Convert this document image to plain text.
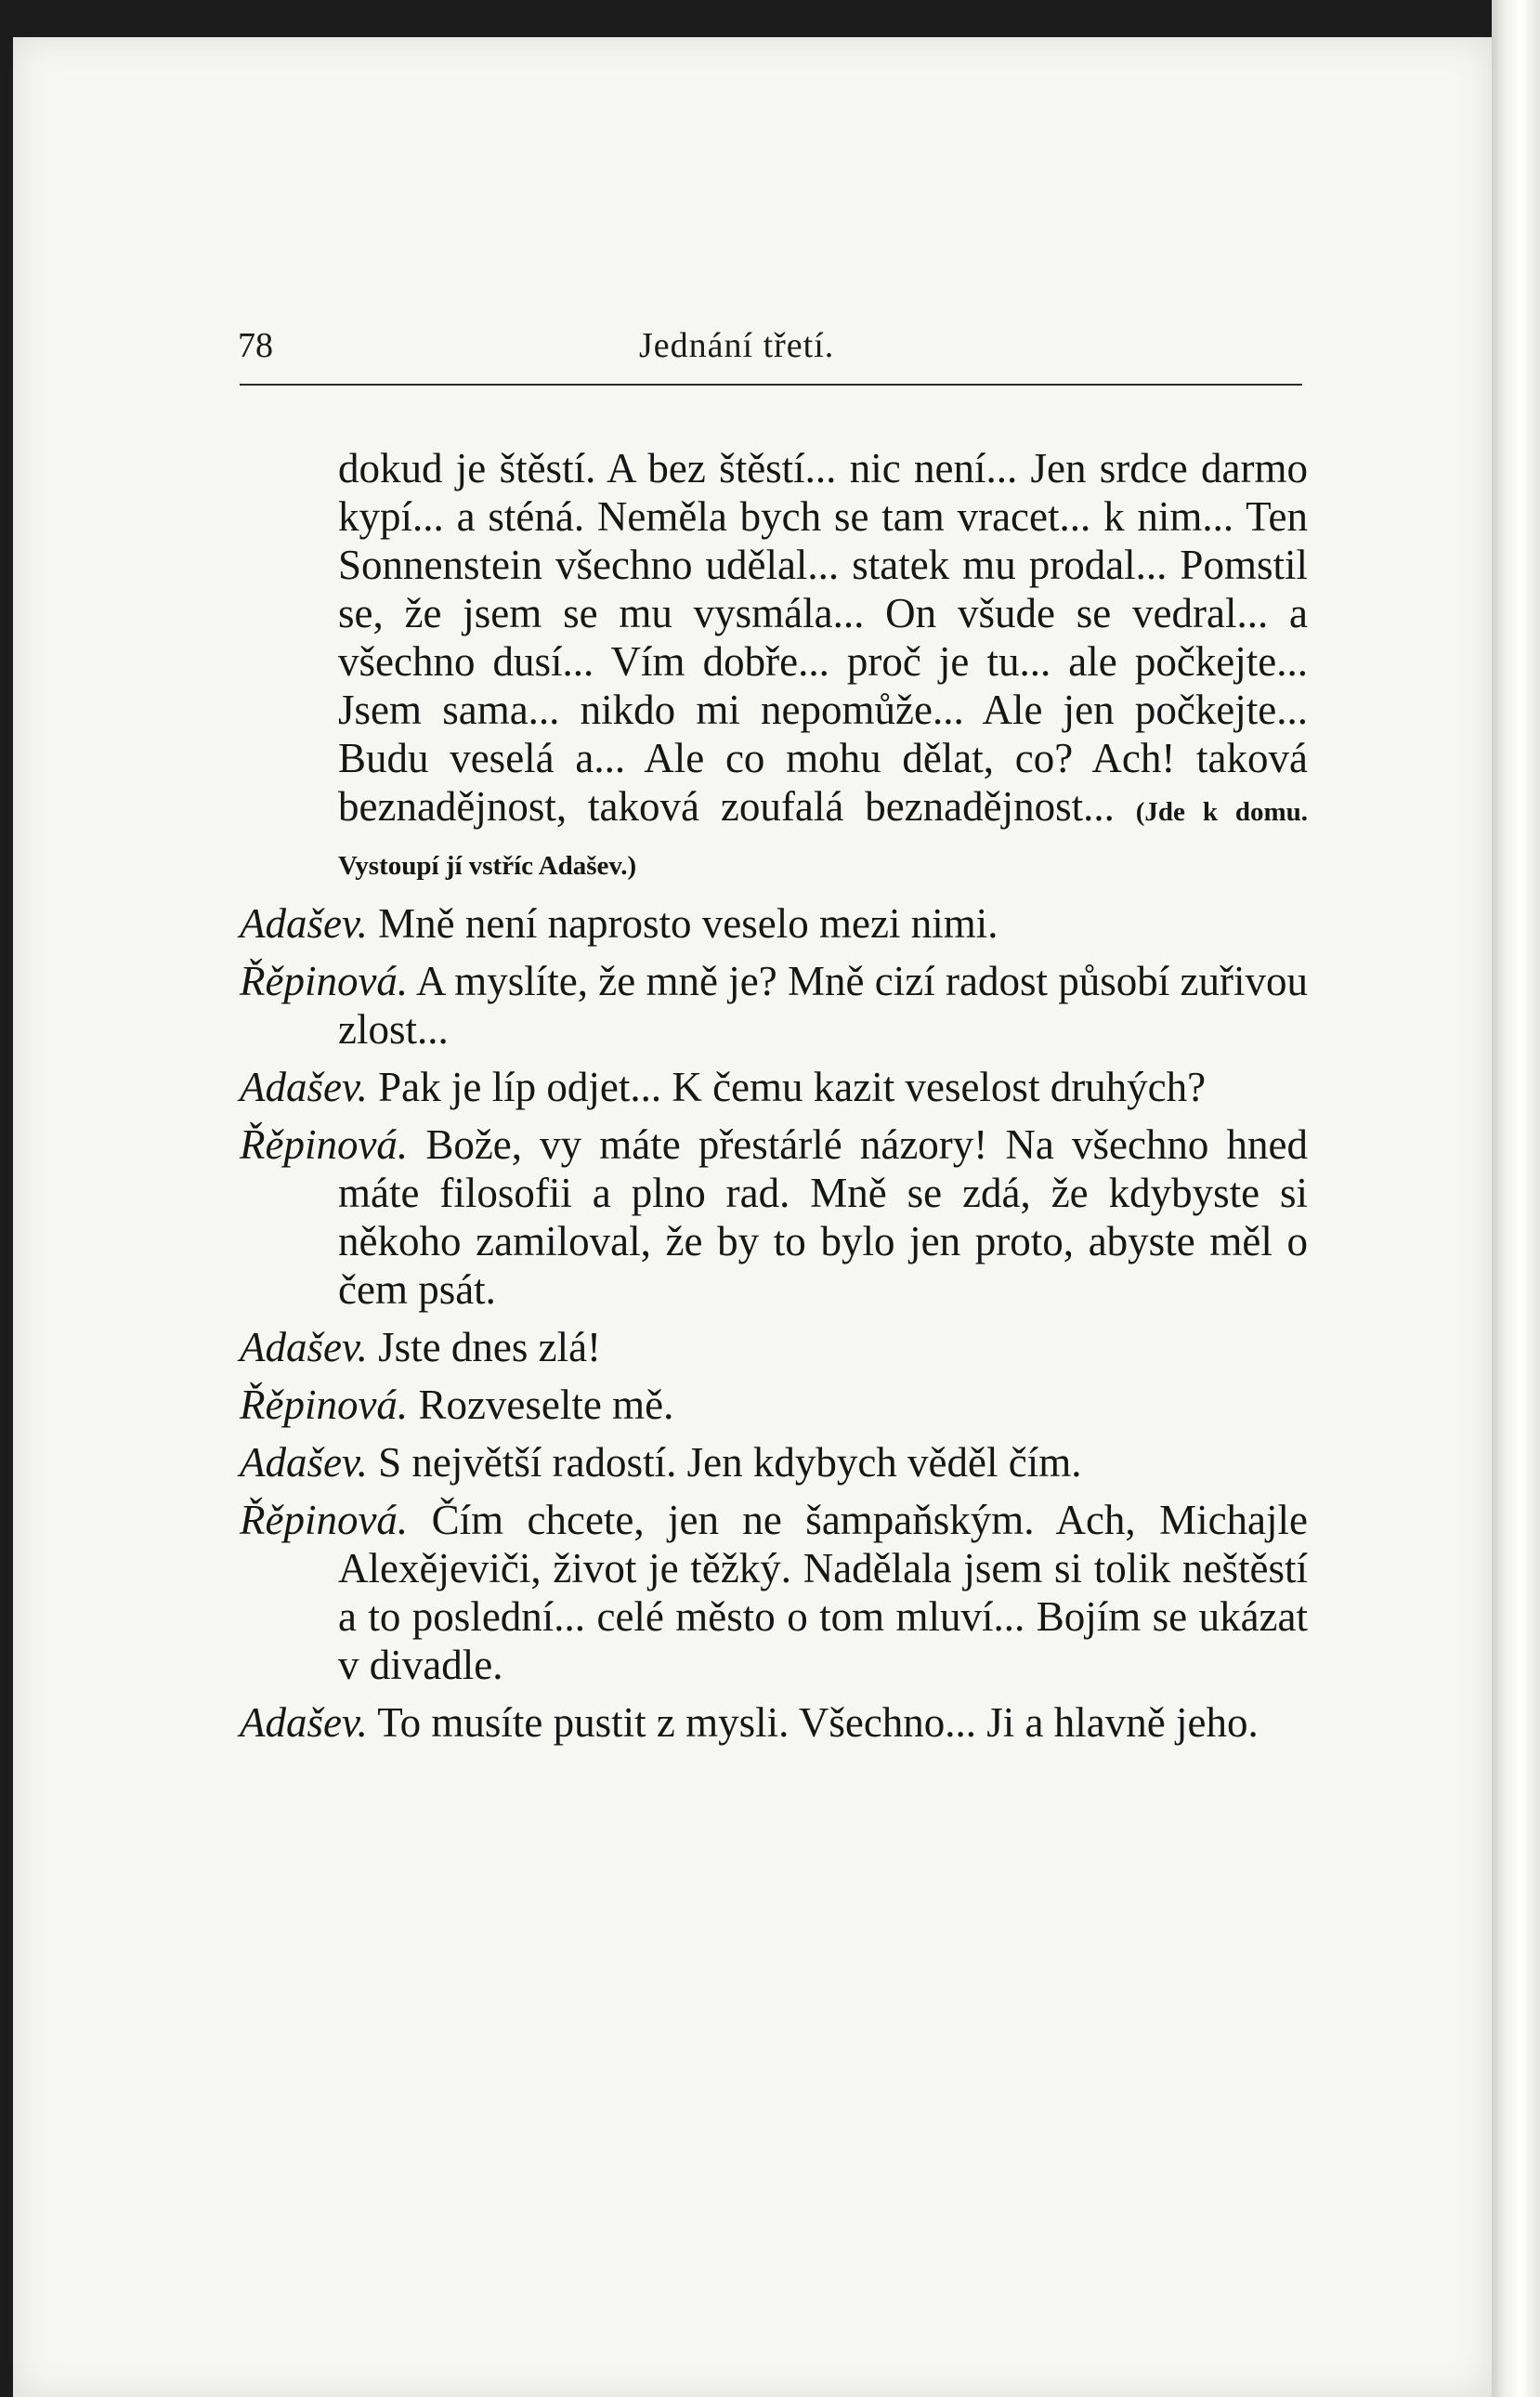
78	Jednání třetí.
dokud je štěstí. A bez štěstí... nic není... Jen srdce darmo kypí... a sténá. Neměla bych se tam vracet... k nim... Ten Sonnenstein všechno udělal... statek mu prodal... Pomstil se, že jsem se mu vysmála... On všude se vedral... a všechno dusí... Vím dobře... proč je tu... ale počkejte... Jsem sama... nikdo mi nepomůže... Ale jen počkejte... Budu veselá a... Ale co mohu dělat, co? Ach! taková beznadějnost, taková zoufalá beznadějnost... (Jde k domu. Vystoupí jí vstříc Adašev.)
Adašev. Mně není naprosto veselo mezi nimi.
Řěpinová. A myslíte, že mně je? Mně cizí radost působí zuřivou zlost...
Adašev. Pak je líp odjet... K čemu kazit veselost druhých?
Řěpinová. Bože, vy máte přestárlé názory! Na všechno hned máte filosofii a plno rad. Mně se zdá, že kdybyste si někoho zamiloval, že by to bylo jen proto, abyste měl o čem psát.
Adašev. Jste dnes zlá!
Řěpinová. Rozveselte mě.
Adašev. S největší radostí. Jen kdybych věděl čím.
Řěpinová. Čím chcete, jen ne šampaňským. Ach, Michajle Alexějeviči, život je těžký. Nadělala jsem si tolik neštěstí a to poslední... celé město o tom mluví... Bojím se ukázat v divadle.
Adašev. To musíte pustit z mysli. Všechno... Ji a hlavně jeho.
